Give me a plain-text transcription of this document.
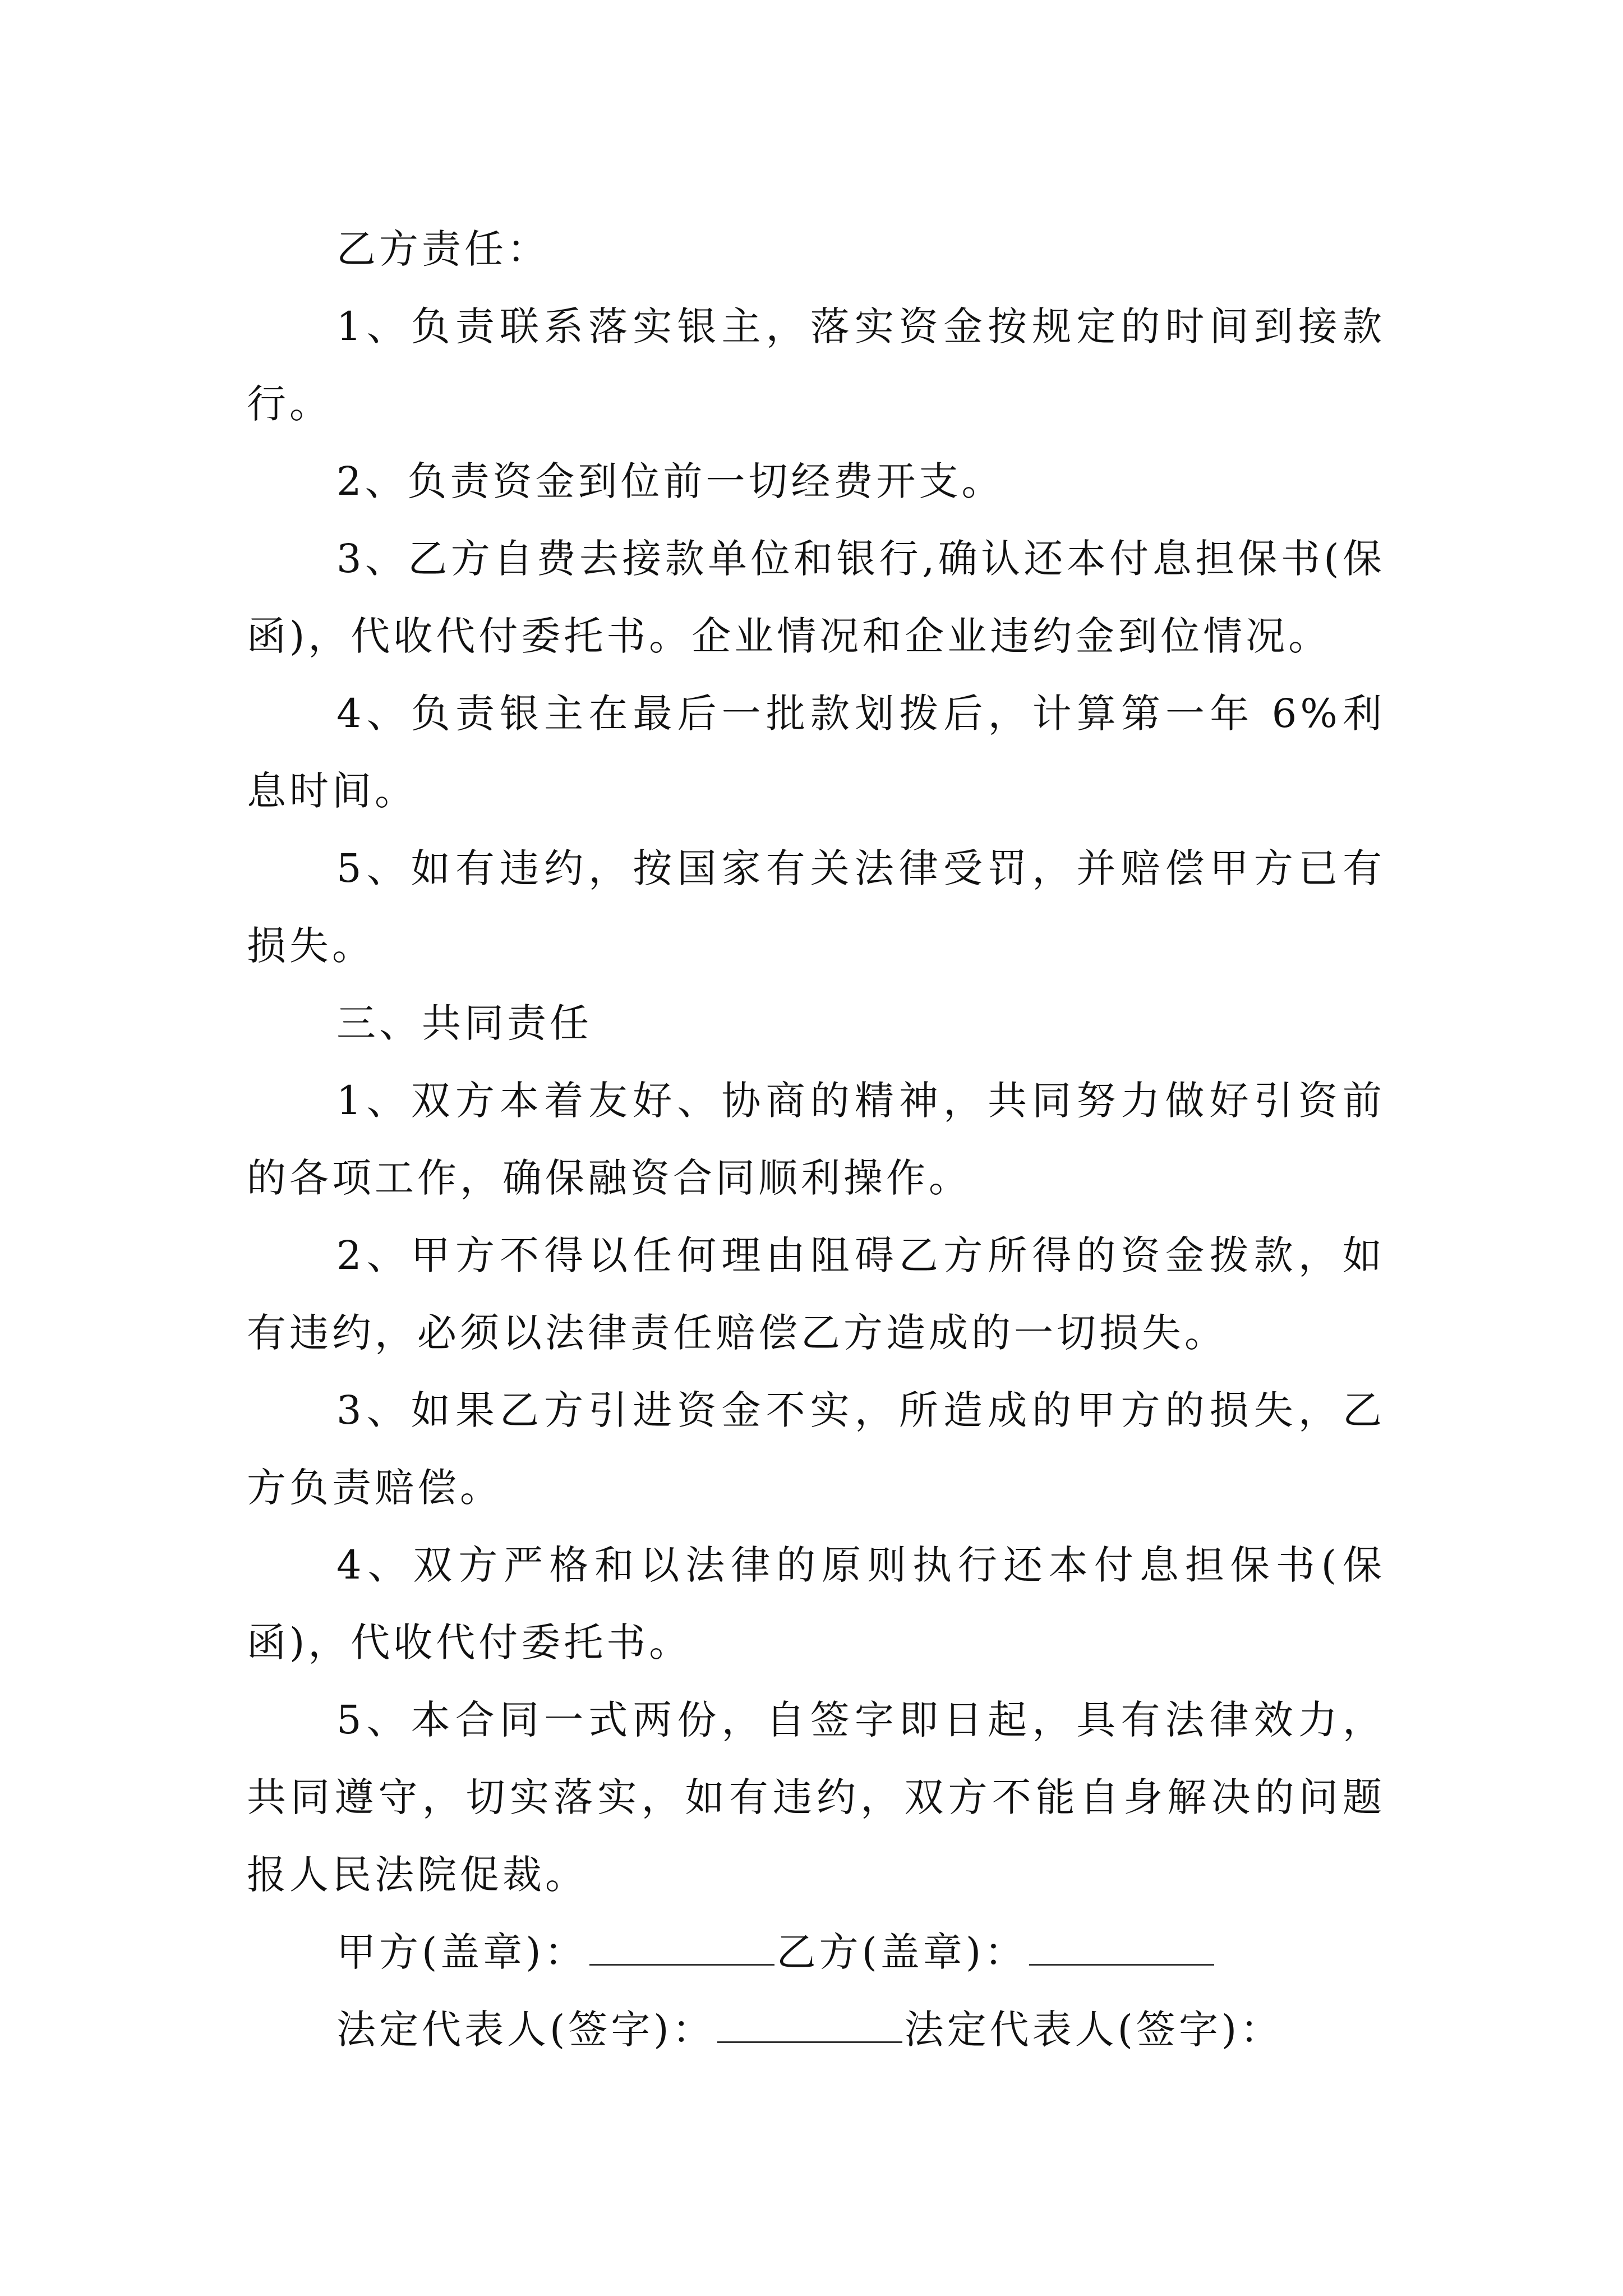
乙方责任：

1、负责联系落实银主，落实资金按规定的时间到接款行。

2、负责资金到位前一切经费开支。

3、乙方自费去接款单位和银行,确认还本付息担保书(保函)，代收代付委托书。企业情况和企业违约金到位情况。

4、负责银主在最后一批款划拨后，计算第一年 6%利息时间。

5、如有违约，按国家有关法律受罚，并赔偿甲方已有损失。

三、共同责任

1、双方本着友好、协商的精神，共同努力做好引资前的各项工作，确保融资合同顺利操作。

2、甲方不得以任何理由阻碍乙方所得的资金拨款，如有违约，必须以法律责任赔偿乙方造成的一切损失。

3、如果乙方引进资金不实，所造成的甲方的损失，乙方负责赔偿。

4、双方严格和以法律的原则执行还本付息担保书(保函)，代收代付委托书。

5、本合同一式两份，自签字即日起，具有法律效力，共同遵守，切实落实，如有违约，双方不能自身解决的问题报人民法院促裁。

甲方(盖章)：	乙方(盖章)：
法定代表人(签字)：	法定代表人(签字)：
